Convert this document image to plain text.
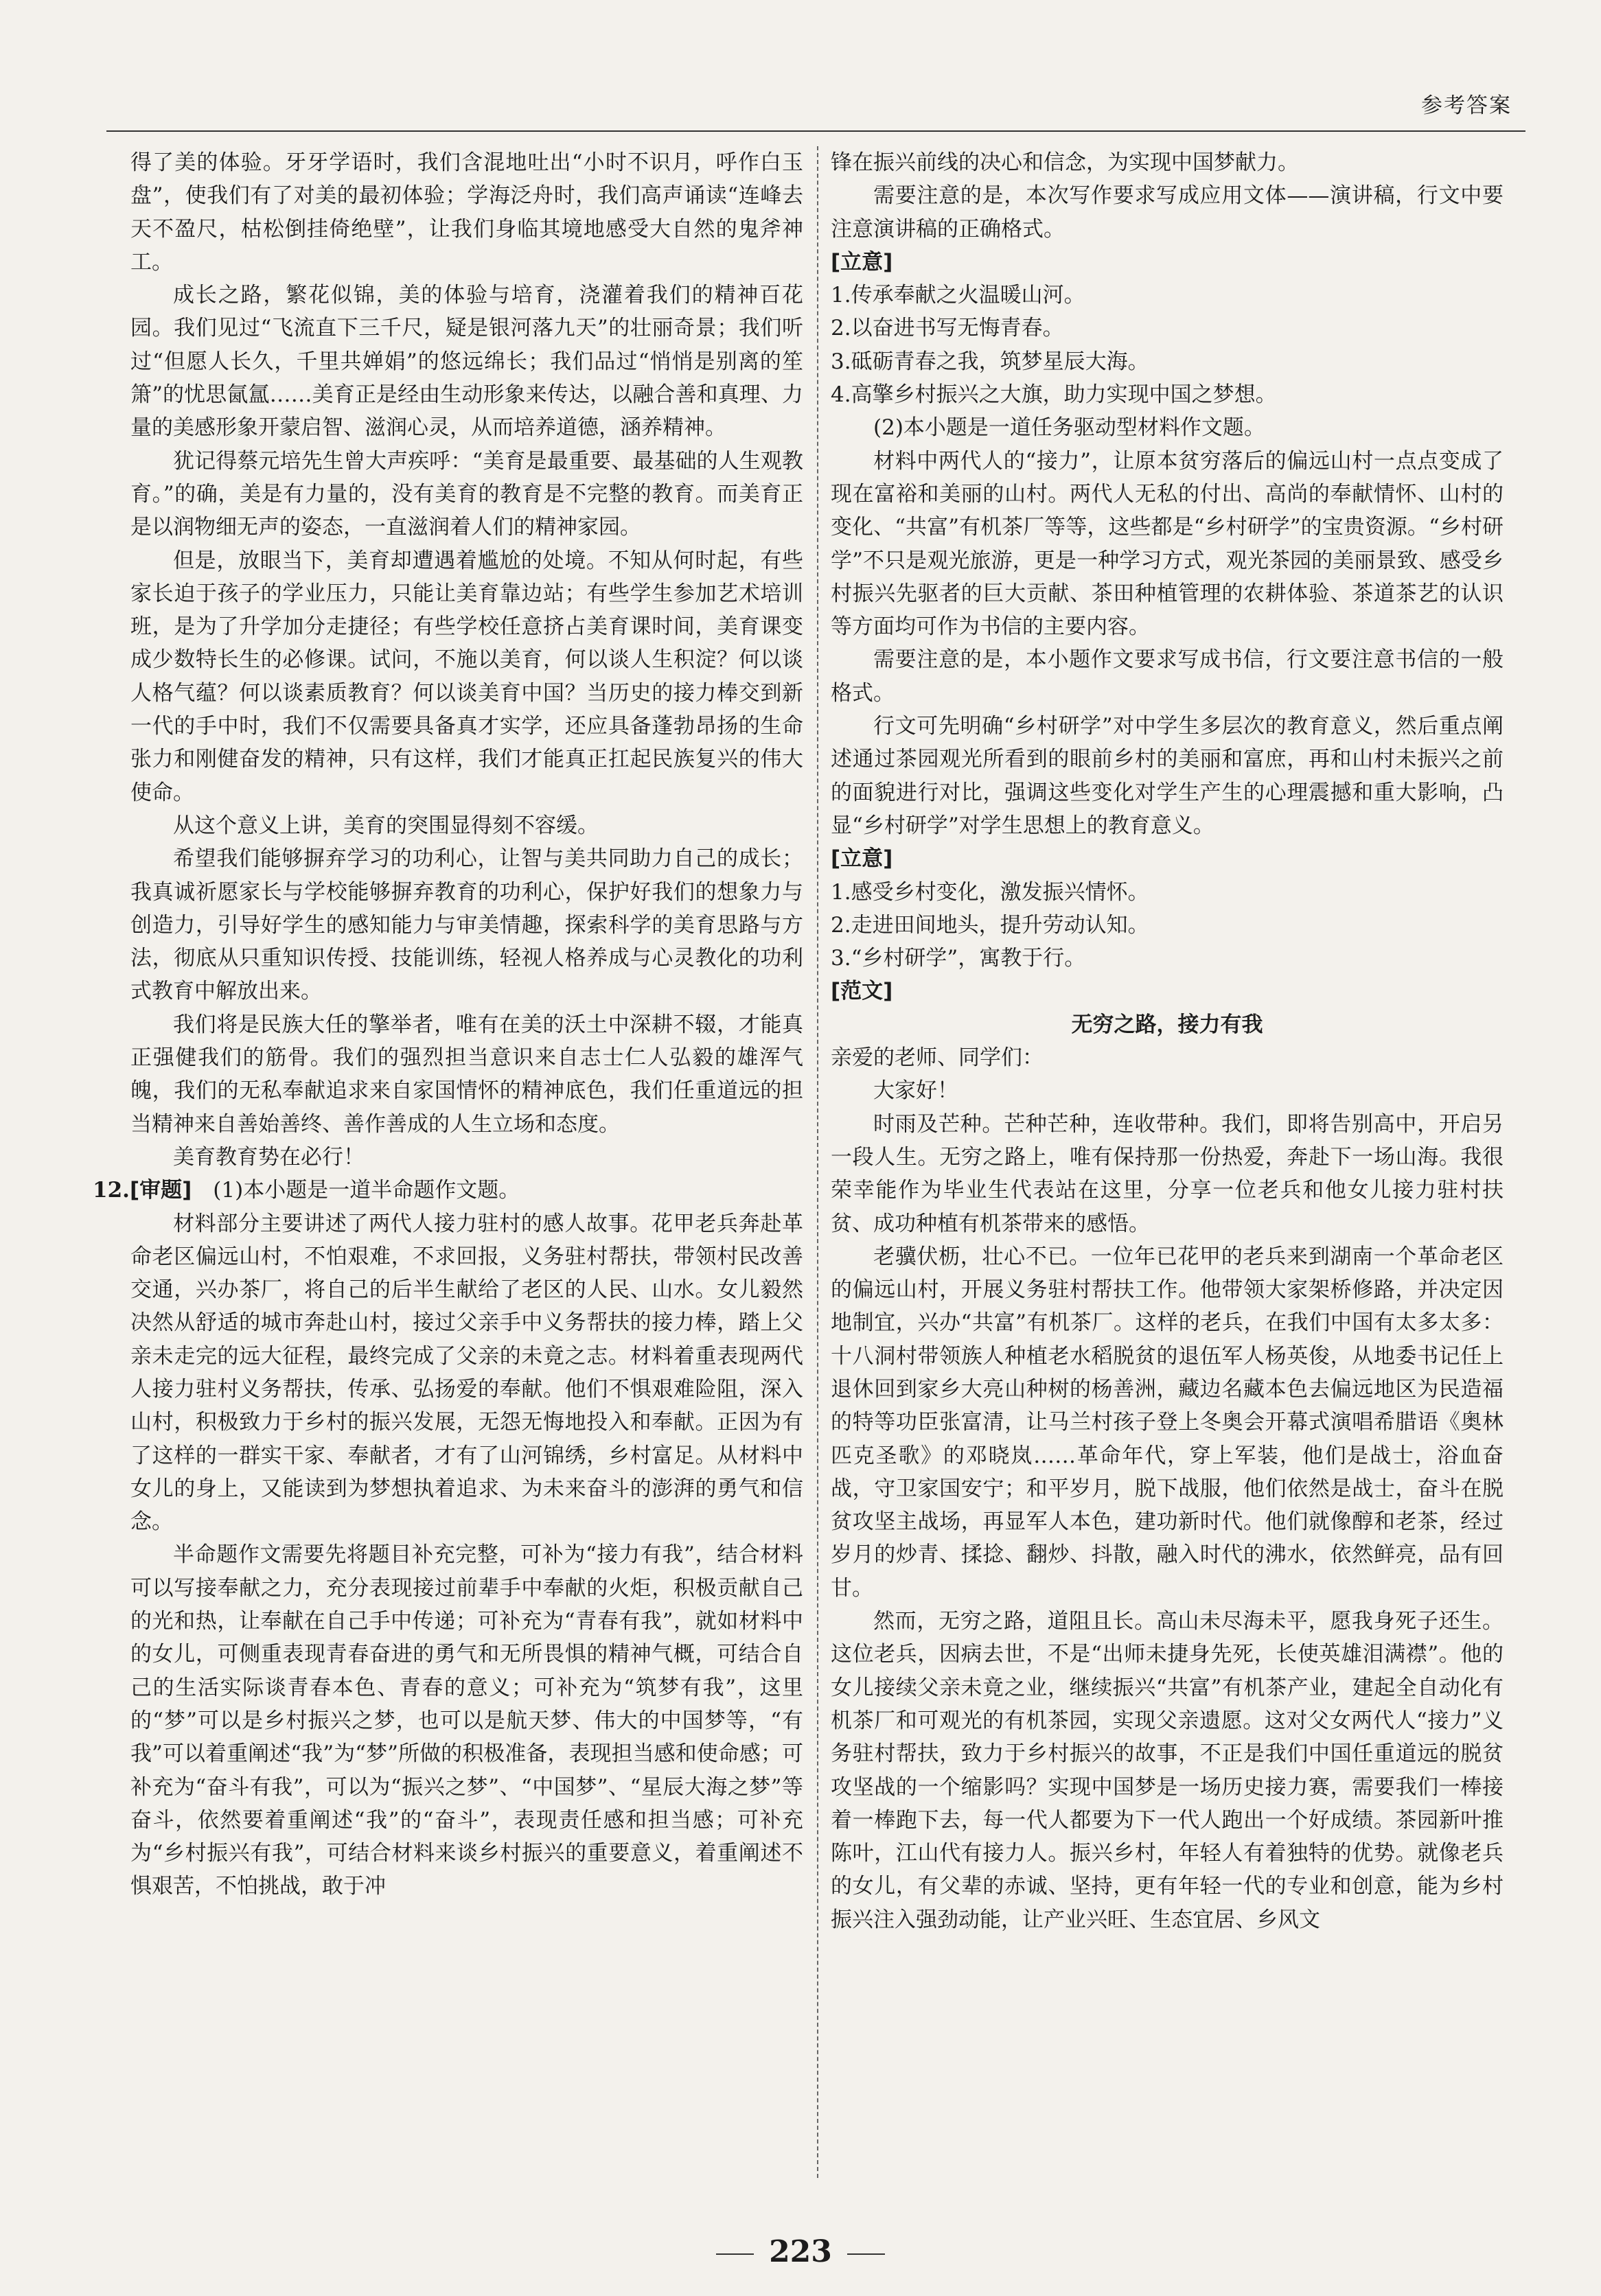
参考答案

得了美的体验。牙牙学语时，我们含混地吐出“小时不识月，呼作白玉盘”，使我们有了对美的最初体验；学海泛舟时，我们高声诵读“连峰去天不盈尺，枯松倒挂倚绝壁”，让我们身临其境地感受大自然的鬼斧神工。

成长之路，繁花似锦，美的体验与培育，浇灌着我们的精神百花园。我们见过“飞流直下三千尺，疑是银河落九天”的壮丽奇景；我们听过“但愿人长久，千里共婵娟”的悠远绵长；我们品过“悄悄是别离的笙箫”的忧思氤氲……美育正是经由生动形象来传达，以融合善和真理、力量的美感形象开蒙启智、滋润心灵，从而培养道德，涵养精神。

犹记得蔡元培先生曾大声疾呼：“美育是最重要、最基础的人生观教育。”的确，美是有力量的，没有美育的教育是不完整的教育。而美育正是以润物细无声的姿态，一直滋润着人们的精神家园。

但是，放眼当下，美育却遭遇着尴尬的处境。不知从何时起，有些家长迫于孩子的学业压力，只能让美育靠边站；有些学生参加艺术培训班，是为了升学加分走捷径；有些学校任意挤占美育课时间，美育课变成少数特长生的必修课。试问，不施以美育，何以谈人生积淀？何以谈人格气蕴？何以谈素质教育？何以谈美育中国？当历史的接力棒交到新一代的手中时，我们不仅需要具备真才实学，还应具备蓬勃昂扬的生命张力和刚健奋发的精神，只有这样，我们才能真正扛起民族复兴的伟大使命。

从这个意义上讲，美育的突围显得刻不容缓。

希望我们能够摒弃学习的功利心，让智与美共同助力自己的成长；我真诚祈愿家长与学校能够摒弃教育的功利心，保护好我们的想象力与创造力，引导好学生的感知能力与审美情趣，探索科学的美育思路与方法，彻底从只重知识传授、技能训练，轻视人格养成与心灵教化的功利式教育中解放出来。

我们将是民族大任的擎举者，唯有在美的沃土中深耕不辍，才能真正强健我们的筋骨。我们的强烈担当意识来自志士仁人弘毅的雄浑气魄，我们的无私奉献追求来自家国情怀的精神底色，我们任重道远的担当精神来自善始善终、善作善成的人生立场和态度。

美育教育势在必行！

12.[审题]　(1)本小题是一道半命题作文题。

材料部分主要讲述了两代人接力驻村的感人故事。花甲老兵奔赴革命老区偏远山村，不怕艰难，不求回报，义务驻村帮扶，带领村民改善交通，兴办茶厂，将自己的后半生献给了老区的人民、山水。女儿毅然决然从舒适的城市奔赴山村，接过父亲手中义务帮扶的接力棒，踏上父亲未走完的远大征程，最终完成了父亲的未竟之志。材料着重表现两代人接力驻村义务帮扶，传承、弘扬爱的奉献。他们不惧艰难险阻，深入山村，积极致力于乡村的振兴发展，无怨无悔地投入和奉献。正因为有了这样的一群实干家、奉献者，才有了山河锦绣，乡村富足。从材料中女儿的身上，又能读到为梦想执着追求、为未来奋斗的澎湃的勇气和信念。

半命题作文需要先将题目补充完整，可补为“接力有我”，结合材料可以写接奉献之力，充分表现接过前辈手中奉献的火炬，积极贡献自己的光和热，让奉献在自己手中传递；可补充为“青春有我”，就如材料中的女儿，可侧重表现青春奋进的勇气和无所畏惧的精神气概，可结合自己的生活实际谈青春本色、青春的意义；可补充为“筑梦有我”，这里的“梦”可以是乡村振兴之梦，也可以是航天梦、伟大的中国梦等，“有我”可以着重阐述“我”为“梦”所做的积极准备，表现担当感和使命感；可补充为“奋斗有我”，可以为“振兴之梦”、“中国梦”、“星辰大海之梦”等奋斗，依然要着重阐述“我”的“奋斗”，表现责任感和担当感；可补充为“乡村振兴有我”，可结合材料来谈乡村振兴的重要意义，着重阐述不惧艰苦，不怕挑战，敢于冲

锋在振兴前线的决心和信念，为实现中国梦献力。

需要注意的是，本次写作要求写成应用文体——演讲稿，行文中要注意演讲稿的正确格式。

[立意]

1.传承奉献之火温暖山河。

2.以奋进书写无悔青春。

3.砥砺青春之我，筑梦星辰大海。

4.高擎乡村振兴之大旗，助力实现中国之梦想。

(2)本小题是一道任务驱动型材料作文题。

材料中两代人的“接力”，让原本贫穷落后的偏远山村一点点变成了现在富裕和美丽的山村。两代人无私的付出、高尚的奉献情怀、山村的变化、“共富”有机茶厂等等，这些都是“乡村研学”的宝贵资源。“乡村研学”不只是观光旅游，更是一种学习方式，观光茶园的美丽景致、感受乡村振兴先驱者的巨大贡献、茶田种植管理的农耕体验、茶道茶艺的认识等方面均可作为书信的主要内容。

需要注意的是，本小题作文要求写成书信，行文要注意书信的一般格式。

行文可先明确“乡村研学”对中学生多层次的教育意义，然后重点阐述通过茶园观光所看到的眼前乡村的美丽和富庶，再和山村未振兴之前的面貌进行对比，强调这些变化对学生产生的心理震撼和重大影响，凸显“乡村研学”对学生思想上的教育意义。

[立意]

1.感受乡村变化，激发振兴情怀。

2.走进田间地头，提升劳动认知。

3.“乡村研学”，寓教于行。

[范文]

无穷之路，接力有我

亲爱的老师、同学们：

大家好！

时雨及芒种。芒种芒种，连收带种。我们，即将告别高中，开启另一段人生。无穷之路上，唯有保持那一份热爱，奔赴下一场山海。我很荣幸能作为毕业生代表站在这里，分享一位老兵和他女儿接力驻村扶贫、成功种植有机茶带来的感悟。

老骥伏枥，壮心不已。一位年已花甲的老兵来到湖南一个革命老区的偏远山村，开展义务驻村帮扶工作。他带领大家架桥修路，并决定因地制宜，兴办“共富”有机茶厂。这样的老兵，在我们中国有太多太多：十八洞村带领族人种植老水稻脱贫的退伍军人杨英俊，从地委书记任上退休回到家乡大亮山种树的杨善洲，藏边名藏本色去偏远地区为民造福的特等功臣张富清，让马兰村孩子登上冬奥会开幕式演唱希腊语《奥林匹克圣歌》的邓晓岚……革命年代，穿上军装，他们是战士，浴血奋战，守卫家国安宁；和平岁月，脱下战服，他们依然是战士，奋斗在脱贫攻坚主战场，再显军人本色，建功新时代。他们就像醇和老茶，经过岁月的炒青、揉捻、翻炒、抖散，融入时代的沸水，依然鲜亮，品有回甘。

然而，无穷之路，道阻且长。高山未尽海未平，愿我身死子还生。这位老兵，因病去世，不是“出师未捷身先死，长使英雄泪满襟”。他的女儿接续父亲未竟之业，继续振兴“共富”有机茶产业，建起全自动化有机茶厂和可观光的有机茶园，实现父亲遗愿。这对父女两代人“接力”义务驻村帮扶，致力于乡村振兴的故事，不正是我们中国任重道远的脱贫攻坚战的一个缩影吗？实现中国梦是一场历史接力赛，需要我们一棒接着一棒跑下去，每一代人都要为下一代人跑出一个好成绩。茶园新叶推陈叶，江山代有接力人。振兴乡村，年轻人有着独特的优势。就像老兵的女儿，有父辈的赤诚、坚持，更有年轻一代的专业和创意，能为乡村振兴注入强劲动能，让产业兴旺、生态宜居、乡风文

223
